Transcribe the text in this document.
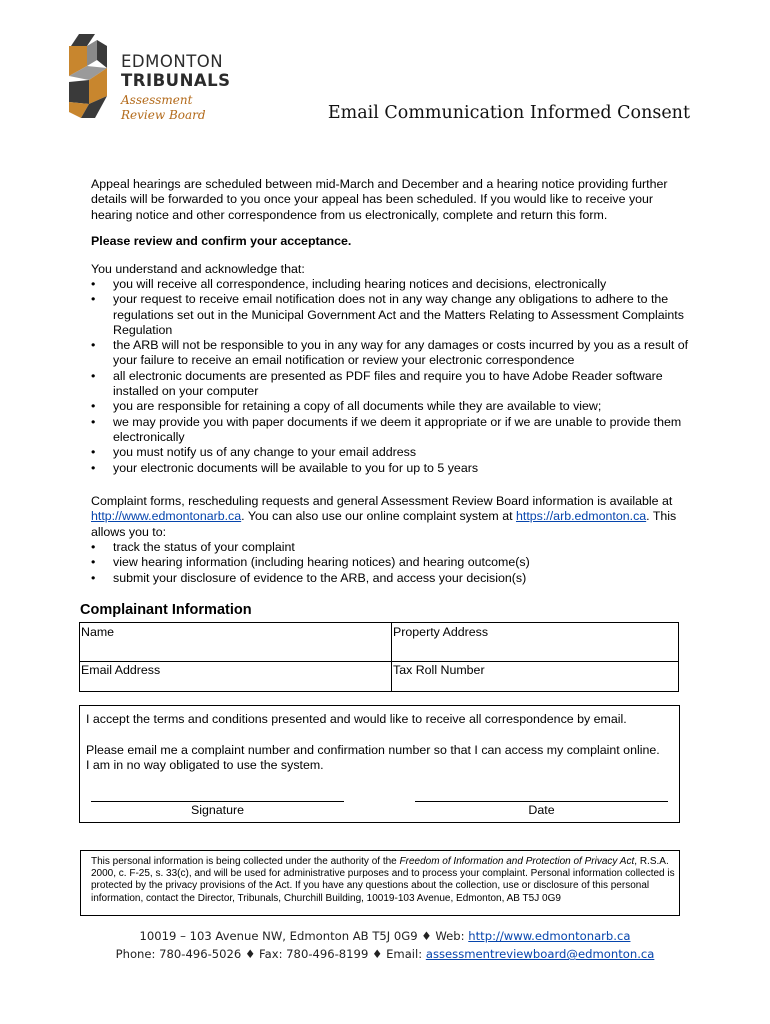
EDMONTON
TRIBUNALS
Assessment
Review Board	Email Communication Informed Consent
Appeal hearings are scheduled between mid-March and December and a hearing notice providing further details will be forwarded to you once your appeal has been scheduled. If you would like to receive your hearing notice and other correspondence from us electronically, complete and return this form.
Please review and confirm your acceptance.
You understand and acknowledge that:
• you will receive all correspondence, including hearing notices and decisions, electronically
• your request to receive email notification does not in any way change any obligations to adhere to the regulations set out in the Municipal Government Act and the Matters Relating to Assessment Complaints Regulation
• the ARB will not be responsible to you in any way for any damages or costs incurred by you as a result of your failure to receive an email notification or review your electronic correspondence
• all electronic documents are presented as PDF files and require you to have Adobe Reader software installed on your computer
• you are responsible for retaining a copy of all documents while they are available to view;
• we may provide you with paper documents if we deem it appropriate or if we are unable to provide them electronically
• you must notify us of any change to your email address
• your electronic documents will be available to you for up to 5 years
Complaint forms, rescheduling requests and general Assessment Review Board information is available at http://www.edmontonarb.ca. You can also use our online complaint system at https://arb.edmonton.ca. This allows you to:
• track the status of your complaint
• view hearing information (including hearing notices) and hearing outcome(s)
• submit your disclosure of evidence to the ARB, and access your decision(s)
Complainant Information
Name	Property Address
Email Address	Tax Roll Number
I accept the terms and conditions presented and would like to receive all correspondence by email.
Please email me a complaint number and confirmation number so that I can access my complaint online.
I am in no way obligated to use the system.
Signature	Date
This personal information is being collected under the authority of the Freedom of Information and Protection of Privacy Act, R.S.A. 2000, c. F-25, s. 33(c), and will be used for administrative purposes and to process your complaint. Personal information collected is protected by the privacy provisions of the Act. If you have any questions about the collection, use or disclosure of this personal information, contact the Director, Tribunals, Churchill Building, 10019-103 Avenue, Edmonton, AB T5J 0G9
10019 – 103 Avenue NW, Edmonton AB T5J 0G9 ♦ Web: http://www.edmontonarb.ca
Phone: 780-496-5026 ♦ Fax: 780-496-8199 ♦ Email: assessmentreviewboard@edmonton.ca
